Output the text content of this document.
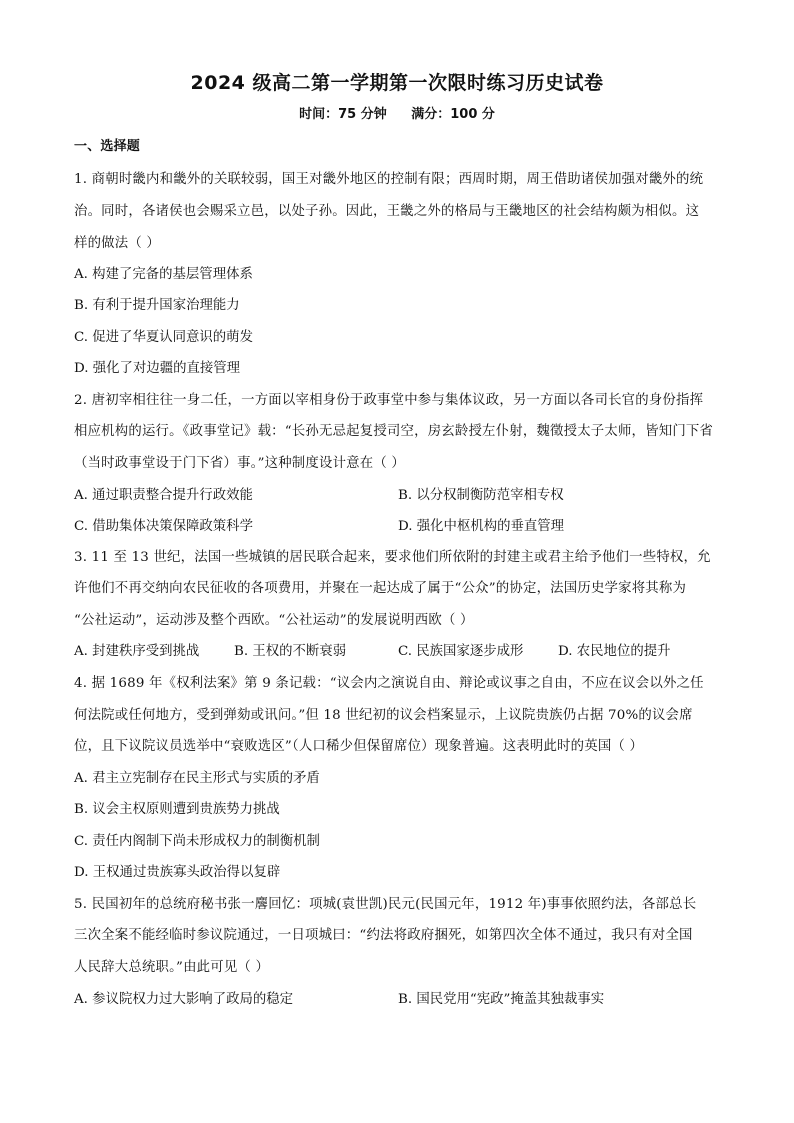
2024 级高二第一学期第一次限时练习历史试卷
时间：75 分钟 满分：100 分
一、选择题
1. 商朝时畿内和畿外的关联较弱，国王对畿外地区的控制有限；西周时期，周王借助诸侯加强对畿外的统
治。同时，各诸侯也会赐采立邑，以处子孙。因此，王畿之外的格局与王畿地区的社会结构颇为相似。这
样的做法（ ）
A. 构建了完备的基层管理体系
B. 有利于提升国家治理能力
C. 促进了华夏认同意识的萌发
D. 强化了对边疆的直接管理
2. 唐初宰相往往一身二任，一方面以宰相身份于政事堂中参与集体议政，另一方面以各司长官的身份指挥
相应机构的运行。《政事堂记》载：“长孙无忌起复授司空，房玄龄授左仆射，魏徵授太子太师，皆知门下省
（当时政事堂设于门下省）事。”这种制度设计意在（ ）
A. 通过职责整合提升行政效能	B. 以分权制衡防范宰相专权
C. 借助集体决策保障政策科学	D. 强化中枢机构的垂直管理
3. 11 至 13 世纪，法国一些城镇的居民联合起来，要求他们所依附的封建主或君主给予他们一些特权，允
许他们不再交纳向农民征收的各项费用，并聚在一起达成了属于“公众”的协定，法国历史学家将其称为
“公社运动”，运动涉及整个西欧。“公社运动”的发展说明西欧（ ）
A. 封建秩序受到挑战	B. 王权的不断衰弱	C. 民族国家逐步成形	D. 农民地位的提升
4. 据 1689 年《权利法案》第 9 条记载：“议会内之演说自由、辩论或议事之自由，不应在议会以外之任
何法院或任何地方，受到弹劾或讯问。”但 18 世纪初的议会档案显示，上议院贵族仍占据 70%的议会席
位，且下议院议员选举中“衰败选区”（人口稀少但保留席位）现象普遍。这表明此时的英国（ ）
A. 君主立宪制存在民主形式与实质的矛盾
B. 议会主权原则遭到贵族势力挑战
C. 责任内阁制下尚未形成权力的制衡机制
D. 王权通过贵族寡头政治得以复辟
5. 民国初年的总统府秘书张一麐回忆：项城(袁世凯)民元(民国元年，1912 年)事事依照约法，各部总长
三次全案不能经临时参议院通过，一日项城曰：“约法将政府捆死，如第四次全体不通过，我只有对全国
人民辞大总统职。”由此可见（ ）
A. 参议院权力过大影响了政局的稳定	B. 国民党用“宪政”掩盖其独裁事实
